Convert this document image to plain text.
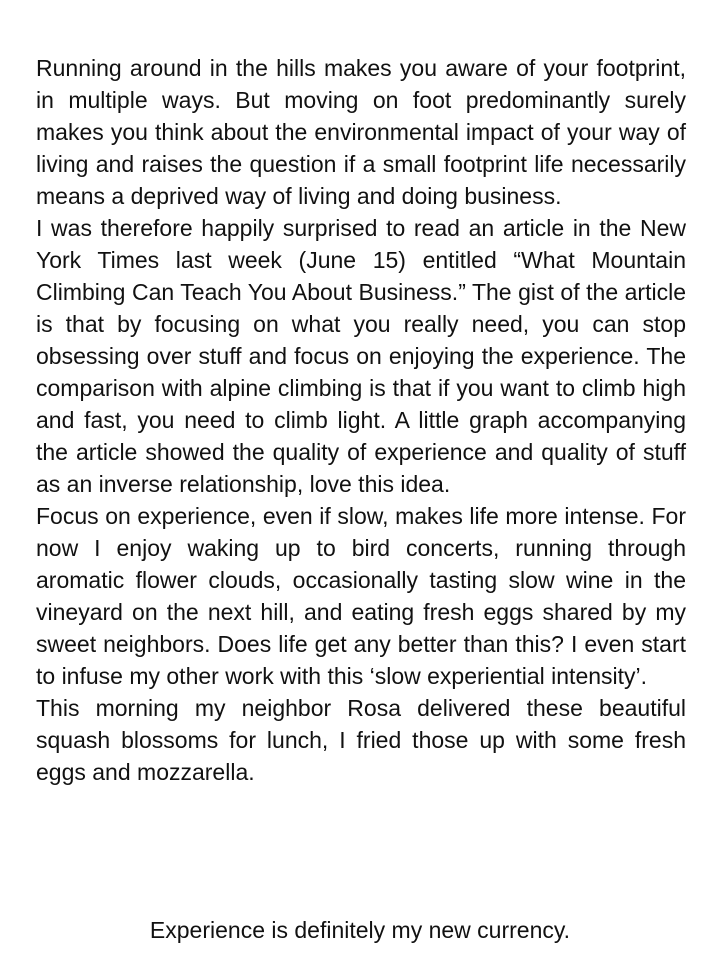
Running around in the hills makes you aware of your footprint, in multiple ways. But moving on foot predominantly surely makes you think about the environmental impact of your way of living and raises the question if a small footprint life necessarily means a deprived way of living and doing business.

I was therefore happily surprised to read an article in the New York Times last week (June 15) entitled “What Mountain Climbing Can Teach You About Business.” The gist of the article is that by focusing on what you really need, you can stop obsessing over stuff and focus on enjoying the experience. The comparison with alpine climbing is that if you want to climb high and fast, you need to climb light. A little graph accompanying the article showed the quality of experience and quality of stuff as an inverse relationship, love this idea.

Focus on experience, even if slow, makes life more intense. For now I enjoy waking up to bird concerts, running through aromatic flower clouds, occasionally tasting slow wine in the vineyard on the next hill, and eating fresh eggs shared by my sweet neighbors. Does life get any better than this? I even start to infuse my other work with this ‘slow experiential intensity’.

This morning my neighbor Rosa delivered these beautiful squash blossoms for lunch, I fried those up with some fresh eggs and mozzarella.

Experience is definitely my new currency.
